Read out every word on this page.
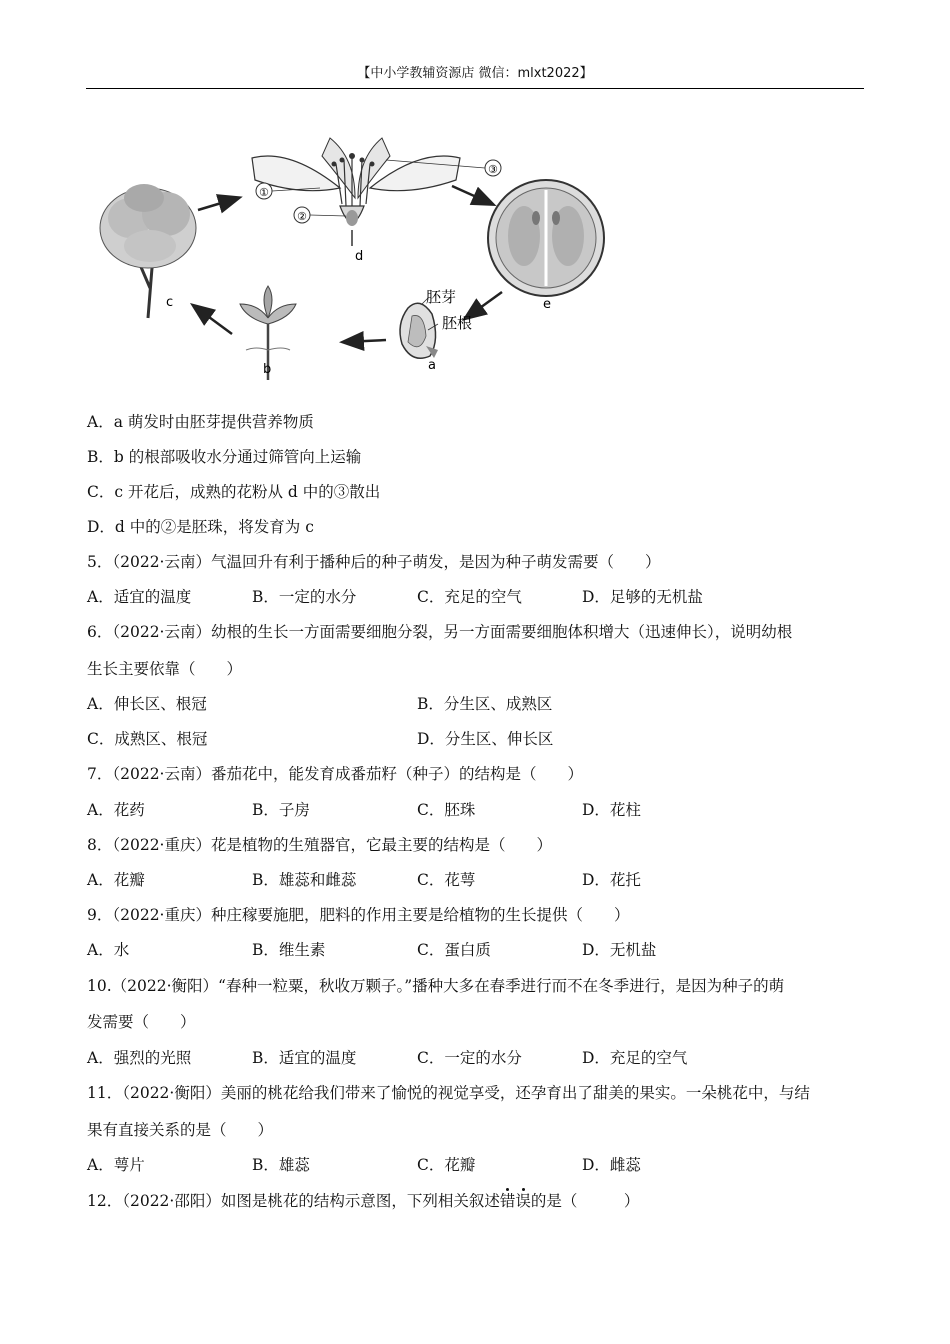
【中小学教辅资源店 微信：mlxt2022】
c
①
②
③
d
e
胚芽
胚根
a
b
A．a 萌发时由胚芽提供营养物质
B．b 的根部吸收水分通过筛管向上运输
C．c 开花后，成熟的花粉从 d 中的③散出
D．d 中的②是胚珠，将发育为 c
5．（2022·云南）气温回升有利于播种后的种子萌发，是因为种子萌发需要（　　）
A．适宜的温度	B．一定的水分	C．充足的空气	D．足够的无机盐
6．（2022·云南）幼根的生长一方面需要细胞分裂，另一方面需要细胞体积增大（迅速伸长），说明幼根
生长主要依靠（　　）
A．伸长区、根冠	B．分生区、成熟区
C．成熟区、根冠	D．分生区、伸长区
7．（2022·云南）番茄花中，能发育成番茄籽（种子）的结构是（　　）
A．花药	B．子房	C．胚珠	D．花柱
8．（2022·重庆）花是植物的生殖器官，它最主要的结构是（　　）
A．花瓣	B．雄蕊和雌蕊	C．花萼	D．花托
9．（2022·重庆）种庄稼要施肥，肥料的作用主要是给植物的生长提供（　　）
A．水	B．维生素	C．蛋白质	D．无机盐
10.（2022·衡阳）“春种一粒粟，秋收万颗子。”播种大多在春季进行而不在冬季进行，是因为种子的萌
发需要（　　）
A．强烈的光照	B．适宜的温度	C．一定的水分	D．充足的空气
11．（2022·衡阳）美丽的桃花给我们带来了愉悦的视觉享受，还孕育出了甜美的果实。一朵桃花中，与结
果有直接关系的是（　　）
A．萼片	B．雄蕊	C．花瓣	D．雌蕊
12．（2022·邵阳）如图是桃花的结构示意图，下列相关叙述错误的是（　　　）
